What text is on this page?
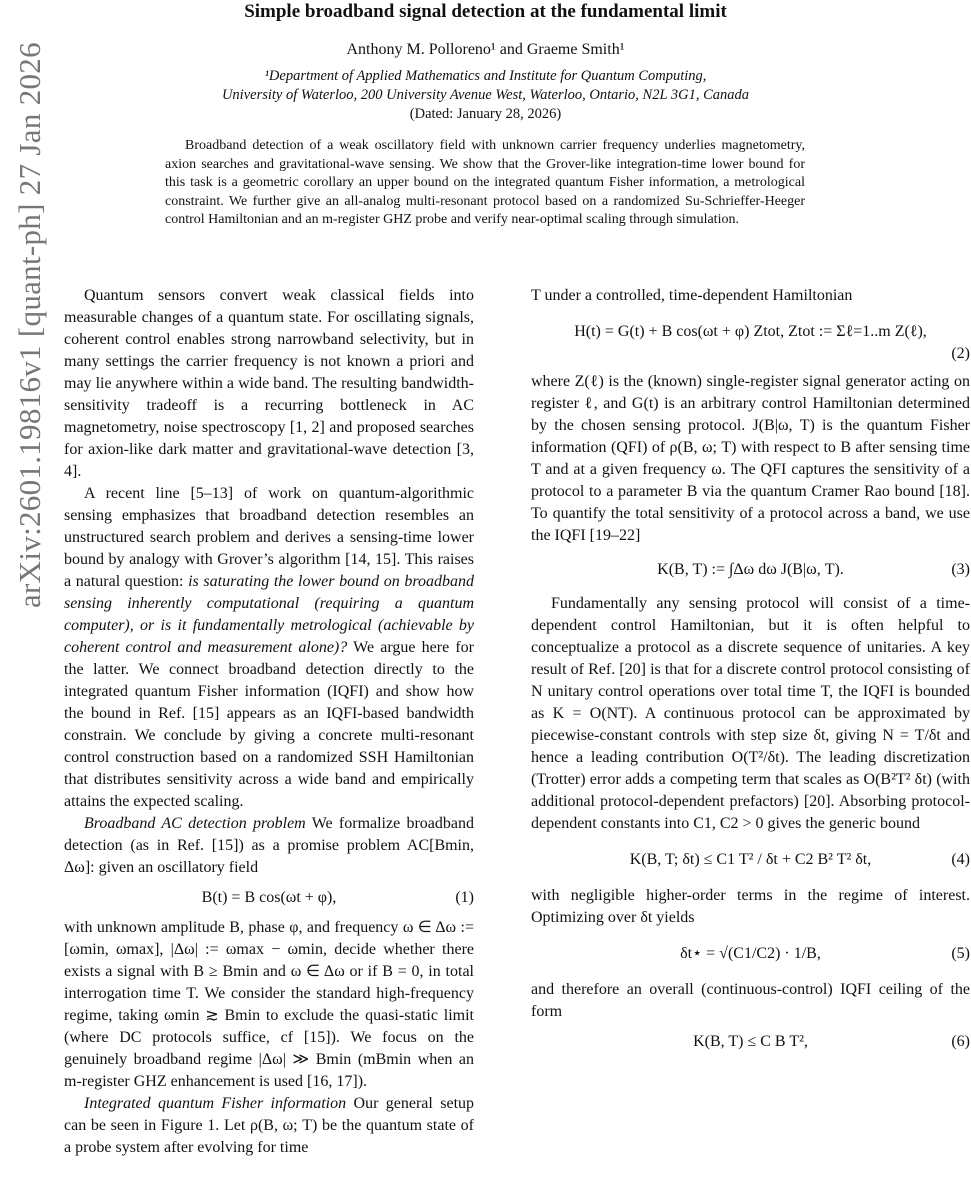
arXiv:2601.19816v1 [quant-ph] 27 Jan 2026
Simple broadband signal detection at the fundamental limit
Anthony M. Polloreno¹ and Graeme Smith¹
¹Department of Applied Mathematics and Institute for Quantum Computing,
University of Waterloo, 200 University Avenue West, Waterloo, Ontario, N2L 3G1, Canada
(Dated: January 28, 2026)
Broadband detection of a weak oscillatory field with unknown carrier frequency underlies magnetometry, axion searches and gravitational-wave sensing. We show that the Grover-like integration-time lower bound for this task is a geometric corollary an upper bound on the integrated quantum Fisher information, a metrological constraint. We further give an all-analog multi-resonant protocol based on a randomized Su-Schrieffer-Heeger control Hamiltonian and an m-register GHZ probe and verify near-optimal scaling through simulation.

Quantum sensors convert weak classical fields into measurable changes of a quantum state. For oscillating signals, coherent control enables strong narrowband selectivity, but in many settings the carrier frequency is not known a priori and may lie anywhere within a wide band. The resulting bandwidth-sensitivity tradeoff is a recurring bottleneck in AC magnetometry, noise spectroscopy [1, 2] and proposed searches for axion-like dark matter and gravitational-wave detection [3, 4].

A recent line [5–13] of work on quantum-algorithmic sensing emphasizes that broadband detection resembles an unstructured search problem and derives a sensing-time lower bound by analogy with Grover’s algorithm [14, 15]. This raises a natural question: is saturating the lower bound on broadband sensing inherently computational (requiring a quantum computer), or is it fundamentally metrological (achievable by coherent control and measurement alone)? We argue here for the latter. We connect broadband detection directly to the integrated quantum Fisher information (IQFI) and show how the bound in Ref. [15] appears as an IQFI-based bandwidth constrain. We conclude by giving a concrete multi-resonant control construction based on a randomized SSH Hamiltonian that distributes sensitivity across a wide band and empirically attains the expected scaling.

Broadband AC detection problem We formalize broadband detection (as in Ref. [15]) as a promise problem AC[Bmin, Δω]: given an oscillatory field

B(t) = B cos(ωt + φ),	(1)

with unknown amplitude B, phase φ, and frequency ω ∈ Δω := [ωmin, ωmax], |Δω| := ωmax − ωmin, decide whether there exists a signal with B ≥ Bmin and ω ∈ Δω or if B = 0, in total interrogation time T. We consider the standard high-frequency regime, taking ωmin ≳ Bmin to exclude the quasi-static limit (where DC protocols suffice, cf [15]). We focus on the genuinely broadband regime |Δω| ≫ Bmin (mBmin when an m-register GHZ enhancement is used [16, 17]).

Integrated quantum Fisher information Our general setup can be seen in Figure 1. Let ρ(B, ω; T) be the quantum state of a probe system after evolving for time

T under a controlled, time-dependent Hamiltonian

H(t) = G(t) + B cos(ωt + φ) Ztot, Ztot := Σℓ=1..m Z(ℓ),
(2)

where Z(ℓ) is the (known) single-register signal generator acting on register ℓ, and G(t) is an arbitrary control Hamiltonian determined by the chosen sensing protocol. J(B|ω, T) is the quantum Fisher information (QFI) of ρ(B, ω; T) with respect to B after sensing time T and at a given frequency ω. The QFI captures the sensitivity of a protocol to a parameter B via the quantum Cramer Rao bound [18]. To quantify the total sensitivity of a protocol across a band, we use the IQFI [19–22]

K(B, T) := ∫Δω dω J(B|ω, T).	(3)

Fundamentally any sensing protocol will consist of a time-dependent control Hamiltonian, but it is often helpful to conceptualize a protocol as a discrete sequence of unitaries. A key result of Ref. [20] is that for a discrete control protocol consisting of N unitary control operations over total time T, the IQFI is bounded as K = O(NT). A continuous protocol can be approximated by piecewise-constant controls with step size δt, giving N = T/δt and hence a leading contribution O(T²/δt). The leading discretization (Trotter) error adds a competing term that scales as O(B²T² δt) (with additional protocol-dependent prefactors) [20]. Absorbing protocol-dependent constants into C1, C2 > 0 gives the generic bound

K(B, T; δt) ≤ C1 T² / δt + C2 B² T² δt,	(4)

with negligible higher-order terms in the regime of interest. Optimizing over δt yields

δt⋆ = √(C1/C2) · 1/B,	(5)

and therefore an overall (continuous-control) IQFI ceiling of the form

K(B, T) ≤ C B T²,	(6)
